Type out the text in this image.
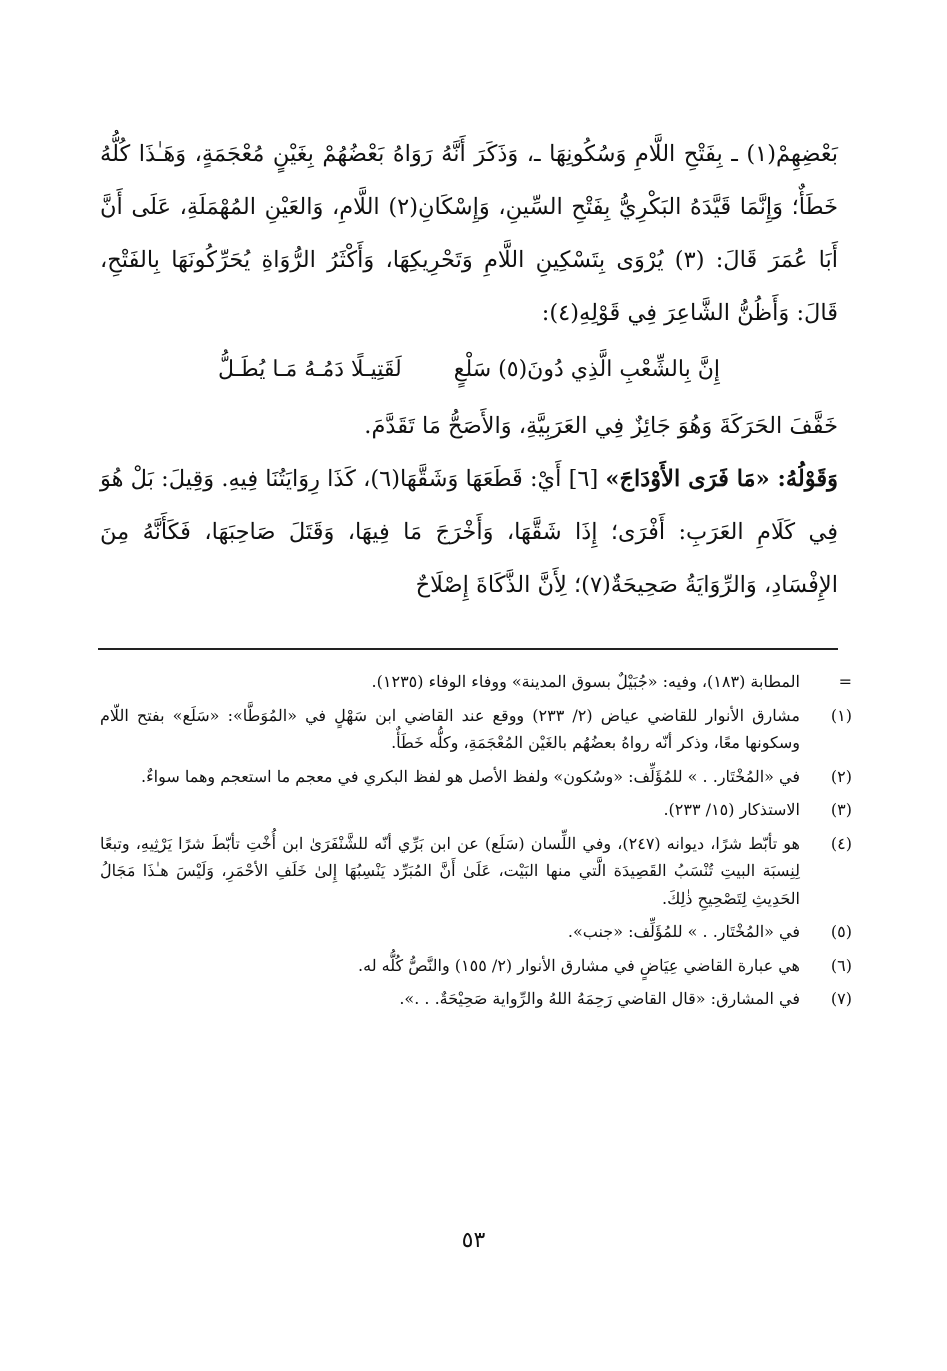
بَعْضِهِمْ(١) ـ بِفَتْحِ اللَّامِ وَسُكُونِهَا ـ، وَذَكَرَ أَنَّهُ رَوَاهُ بَعْضُهُمْ بِغَيْنٍ مُعْجَمَةٍ، وَهَـٰذَا كُلُّهُ خَطَأٌ؛ وَإِنَّمَا قَيَّدَهُ البَكْرِيُّ بِفَتْحِ السِّينِ، وَإِسْكَانِ(٢) اللَّامِ، وَالعَيْنِ المُهْمَلَةِ، عَلَى أَنَّ أَبَا عُمَرَ قَالَ: (٣) يُرْوَى بِتَسْكِينِ اللَّامِ وَتَحْرِيكِهَا، وَأَكْثَرُ الرُّوَاةِ يُحَرِّكُونَهَا بِالفَتْحِ، قَالَ: وَأَظُنُّ الشَّاعِرَ فِي قَوْلِهِ(٤):

إِنَّ بِالشِّعْبِ الَّذِي دُونَ(٥) سَلْعٍ
لَقَتِيـلًا دَمُـهُ مَـا يُطَـلُّ

خَفَّفَ الحَرَكَةَ وَهُوَ جَائِزٌ فِي العَرَبِيَّةِ، وَالأَصَحُّ مَا تَقَدَّمَ.

وَقَوْلُهُ: «مَا فَرَى الأَوْدَاجَ» [٦] أَيْ: قَطَعَهَا وَشَقَّهَا(٦)، كَذَا رِوَايَتُنَا فِيهِ. وَقِيلَ: بَلْ هُوَ فِي كَلَامِ العَرَبِ: أَفْرَى؛ إِذَا شَقَّهَا، وَأَخْرَجَ مَا فِيهَا، وَقَتَلَ صَاحِبَهَا، فَكَأَنَّهُ مِنَ الإِفْسَادِ، وَالرِّوَايَةُ صَحِيحَةٌ(٧)؛ لِأَنَّ الذَّكَاةَ إِصْلَاحٌ

=
المطابة (١٨٣)، وفيه: «جُبَيْلٌ بسوق المدينة» ووفاء الوفاء (١٢٣٥).
(١)
مشارق الأنوار للقاضي عياض (٢/ ٢٣٣) ووقع عند القاضي ابن سَهْلٍ في «المُوَطَّا»: «سَلَع» بفتح اللّام وسكونها معًا، وذكر أنّه رواهُ بعضُهُم بالغَيْن المُعْجَمَةِ، وكلُّه خَطَأٌ.
(٢)
في «المُخْتَار. . » للمُؤَلِّف: «وسُكون» ولفظ الأصل هو لفظ البكري في معجم ما استعجم وهما سواءٌ.
(٣)
الاستذكار (١٥/ ٢٣٣).
(٤)
هو تأبّط شرًا، ديوانه (٢٤٧)، وفي اللِّسان (سَلَع) عن ابن بَرِّي أنّه للشَّنْفَرَىٰ ابن أُخْتِ تأبّطَ شرًا يَرْثِيهِ، وتبعًا لِنِسبَة البيتِ تُنْسَبُ القَصِيدَة الَّتي منها البَيْت، عَلَىٰ أَنَّ المُبَرِّد يَنْسِبُهَا إِلىٰ خَلَفِ الأحْمَرِ، وَلَيْسَ هـٰذَا مَجَالُ الحَدِيثِ لِتَصْحِيحِ ذٰلِكَ.
(٥)
في «المُخْتَار. . » للمُؤَلِّف: «جنب».
(٦)
هي عبارة القاضي عِيَاضٍ في مشارق الأنوار (٢/ ١٥٥) والنَّصُّ كُلُّه له.
(٧)
في المشارق: «قال القاضي رَحِمَهُ اللهُ والرِّواية صَحِيْحَةٌ. . .».
٥٣
